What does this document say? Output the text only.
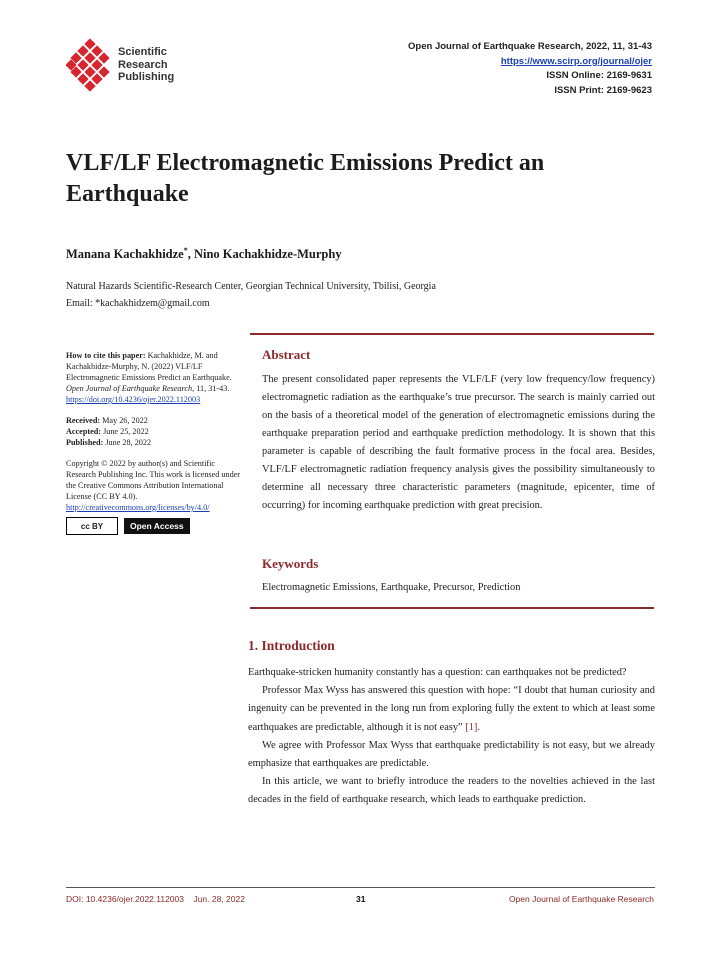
Scientific
Research
Publishing
Open Journal of Earthquake Research, 2022, 11, 31-43
https://www.scirp.org/journal/ojer
ISSN Online: 2169-9631
ISSN Print: 2169-9623
VLF/LF Electromagnetic Emissions Predict an
Earthquake
Manana Kachakhidze*, Nino Kachakhidze-Murphy
Natural Hazards Scientific-Research Center, Georgian Technical University, Tbilisi, Georgia
Email: *kachakhidzem@gmail.com

How to cite this paper: Kachakhidze, M. and Kachakhidze-Murphy, N. (2022) VLF/LF Electromagnetic Emissions Predict an Earthquake. Open Journal of Earthquake Research, 11, 31-43.
https://doi.org/10.4236/ojer.2022.112003

Received: May 26, 2022
Accepted: June 25, 2022
Published: June 28, 2022

Copyright © 2022 by author(s) and Scientific Research Publishing Inc. This work is licensed under the Creative Commons Attribution International License (CC BY 4.0).
http://creativecommons.org/licenses/by/4.0/

cc BY	Open Access
Abstract
The present consolidated paper represents the VLF/LF (very low frequency/low frequency) electromagnetic radiation as the earthquake’s true precursor. The search is mainly carried out on the basis of a theoretical model of the generation of electromagnetic emissions during the earthquake preparation period and earthquake prediction methodology. It is shown that this parameter is capable of describing the fault formative process in the focal area. Besides, VLF/LF electromagnetic radiation frequency analysis gives the possibility simultaneously to determine all necessary three characteristic parameters (magnitude, epicenter, time of occurring) for incoming earthquake prediction with great precision.
Keywords
Electromagnetic Emissions, Earthquake, Precursor, Prediction
1. Introduction

Earthquake-stricken humanity constantly has a question: can earthquakes not be predicted?

Professor Max Wyss has answered this question with hope: “I doubt that human curiosity and ingenuity can be prevented in the long run from exploring fully the extent to which at least some earthquakes are predictable, although it is not easy” [1].

We agree with Professor Max Wyss that earthquake predictability is not easy, but we already emphasize that earthquakes are predictable.

In this article, we want to briefly introduce the readers to the novelties achieved in the last decades in the field of earthquake research, which leads to earthquake prediction.

DOI: 10.4236/ojer.2022.112003    Jun. 28, 2022	31	Open Journal of Earthquake Research
